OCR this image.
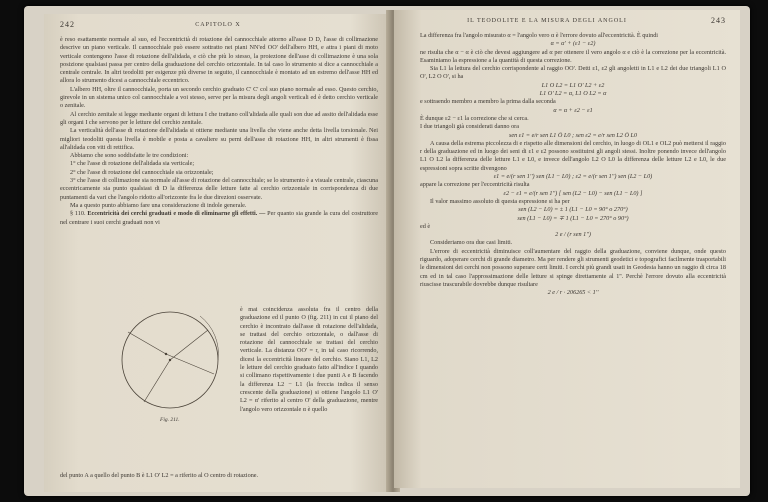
242	CAPITOLO X
è reso esattamente normale al suo, ed l'eccentricità di rotazione del cannocchiale attorno all'asse D D, l'asse di collimazione descrive un piano verticale. Il cannocchiale può essere sottratto nei piani NN'ed OO' dell'albero HH, e attra i piani di moto verticale contengono l'asse di rotazione dell'alidada, e ciò che più lo stesso, la proiezione dell'asse di collimazione è una sola posizione qualsiasi passa per centro della graduazione del cerchio orizzontale. In tal caso lo strumento si dice a cannocchiale a centrale centrale. In altri teodoliti per esigenze più diverse in seguito, il cannocchiale è montato ad un estremo dell'asse HH ed allora lo strumento dicesi a cannocchiale eccentrico.
L'albero HH, oltre il cannocchiale, porta un secondo cerchio graduato C' C' col suo piano normale ad esso. Questo cerchio, girevole in un sistema unico col cannocchiale a voi stesso, serve per la misura degli angoli verticali ed è detto cerchio verticale o zenitale.
Al cerchio zenitale si legge mediante organi di lettura I che trattano coll'alidada alle quali son due ad assito dell'alidada esse gli organi I che servono per le letture del cerchio zenitale.
La verticalità dell'asse di rotazione dell'alidada si ottiene mediante una livella che viene anche detta livella torsionale. Nei migliori teodoliti questa livella è mobile e posta a cavaliere su perni dell'asse di rotazione HH, in altri strumenti è fissa all'alidada con viti di rettifica.
Abbiamo che sono soddisfatte le tre condizioni:
1° che l'asse di rotazione dell'alidada sia verticale;
2° che l'asse di rotazione del cannocchiale sia orizzontale;
3° che l'asse di collimazione sia normale all'asse di rotazione del cannocchiale; se lo strumento è a visuale centrale, ciascuna eccentricamente sia punto qualsiasi di D la differenza delle letture fatte al cerchio orizzontale in corrispondenza di due puntamenti da vari che l'angolo ridotto all'orizzonte fra le due direzioni osservate.
Ma a questo punto abbiamo fare una considerazione di indole generale.
§ 110. Eccentricità dei cerchi graduati e modo di eliminarne gli effetti. — Per quanto sia grande la cura del costruttore nel centrare i suoi cerchi graduati non vi
Fig. 211.
è mai coincidenza assoluta fra il centro della graduazione ed il punto O (fig. 211) in cui il piano del cerchio è incontrato dall'asse di rotazione dell'alidada, se trattasi del cerchio orizzontale, o dall'asse di rotazione del cannocchiale se trattasi del cerchio verticale. La distanza OO' = r, in tal caso ricorrendo, dicesi la eccentricità lineare del cerchio. Siano L1, L2 le letture del cerchio graduato fatto all'indice I quando si collimano rispettivamente i due punti A e B facendo la differenza L2 − L1 (la freccia indica il senso crescente della graduazione) si ottiene l'angolo L1 O' L2 = α' riferito al centro O' della graduazione, mentre l'angolo vero orizzontale α è quello
del punto A a quello del punto B è L1 O' L2 = a riferito al O centro di rotazione.
IL TEODOLITE E LA MISURA DEGLI ANGOLI	243
La differenza fra l'angolo misurato α = l'angolo vero α è l'errore dovuto all'eccentricità. È quindi
α = α' + (ε1 − ε2)
ne risulta che α − α è ciò che devesi aggiungere ad α per ottenere il vero angolo α e ciò è la correzione per la eccentricità. Esaminiamo la espressione a la quantità di questa correzione.
Sia L1 la lettura del cerchio corrispondente al raggio OO'. Detti ε1, ε2 gli angoletti in L1 e L2 dei due triangoli L1 O O', L2 O O', si ha
L1 O L2 = L1 O' L2 + ε2
L1 O' L2 = α, L1 O L2 = α
e sottraendo membro a membro la prima dalla seconda
α = α + ε2 − ε1
È dunque ε2 − ε1 la correzione che si cerca.
I due triangoli già considerati danno ora
sen ε1 = e/r sen L1 Ō L0 ; sen ε2 = e/r sen L2 Ō L0
A causa della estrema piccolezza di e rispetto alle dimensioni del cerchio, in luogo di OL1 e OL2 può mettersi il raggio r della graduazione ed in luogo dei seni di ε1 e ε2 possono sostituirsi gli angoli stessi. Inoltre ponendo invece dell'angolo L1 O L2 la differenza delle letture L1 e L0, e invece dell'angolo L2 O L0 la differenza delle letture L2 e L0, le due espressioni sopra scritte divengono
ε1 = e/(r sen 1'') sen (L1 − L0) ; ε2 = e/(r sen 1'') sen (L2 − L0)
appare la correzione per l'eccentricità risulta
ε2 − ε1 = e/(r sen 1'') [ sen (L2 − L0) − sen (L1 − L0) ]
Il valor massimo assoluto di questa espressione si ha per
sen (L2 − L0) = ± 1 (L1 − L0 = 90° o 270°)
sen (L1 − L0) = ∓ 1 (L1 − L0 = 270° o 90°)
ed è
2 e / (r sen 1'')
Consideriamo ora due casi limiti.
L'errore di eccentricità diminuisce coll'aumentare del raggio della graduazione, conviene dunque, onde questo riguardo, adoperare cerchi di grande diametro. Ma per rendere gli strumenti geodetici e topografici facilmente trasportabili le dimensioni dei cerchi non possono superare certi limiti. I cerchi più grandi usati in Geodesia hanno un raggio di circa 18 cm ed in tal caso l'approssimazione delle letture si spinge direttamente al 1''. Perchè l'errore dovuto alla eccentricità riuscisse trascurabile dovrebbe dunque risultare
2 e / r · 206265 < 1''
